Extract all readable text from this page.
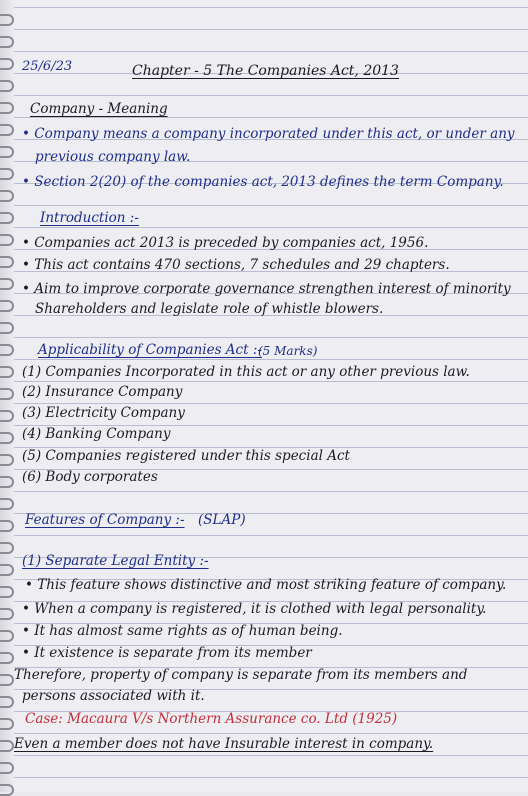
25/6/23	Chapter - 5 The Companies Act, 2013
Company - Meaning
• Company means a company incorporated under this act, or under any
previous company law.
• Section 2(20) of the companies act, 2013 defines the term Company.
Introduction :-
• Companies act 2013 is preceded by companies act, 1956.
• This act contains 470 sections, 7 schedules and 29 chapters.
• Aim to improve corporate governance strengthen interest of minority
Shareholders and legislate role of whistle blowers.
Applicability of Companies Act :-
(5 Marks)
(1) Companies Incorporated in this act or any other previous law.
(2) Insurance Company
(3) Electricity Company
(4) Banking Company
(5) Companies registered under this special Act
(6) Body corporates
Features of Company :- (SLAP)
(1) Separate Legal Entity :-
• This feature shows distinctive and most striking feature of company.
• When a company is registered, it is clothed with legal personality.
• It has almost same rights as of human being.
• It existence is separate from its member
Therefore, property of company is separate from its members and
persons associated with it.
Case: Macaura V/s Northern Assurance co. Ltd (1925)
Even a member does not have Insurable interest in company.
